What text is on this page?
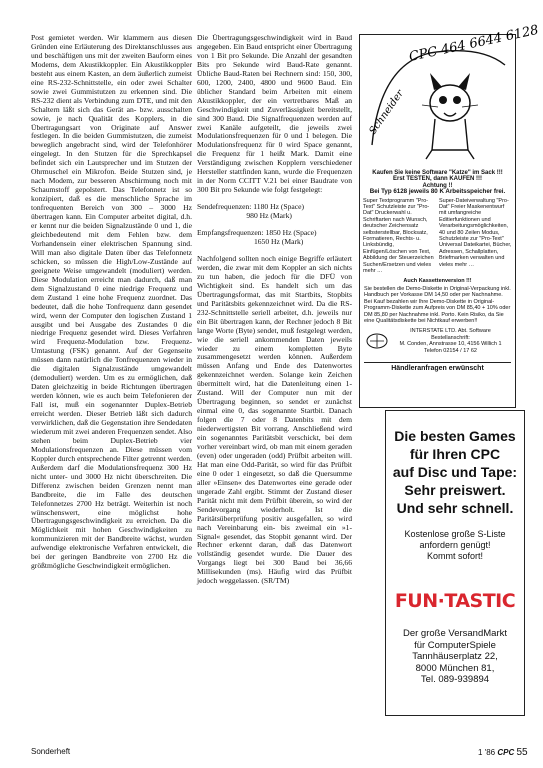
Post gemietet werden. Wir klammern aus diesen Gründen eine Erläuterung des Direktanschlusses aus und beschäftigen uns mit der zweiten Bauform eines Modems, dem Akustikkoppler. Ein Akustikkoppler besteht aus einem Kasten, an dem äußerlich zumeist eine RS-232-Schnittstelle, ein oder zwei Schalter sowie zwei Gummistutzen zu erkennen sind. Die RS-232 dient als Verbindung zum DTE, und mit den Schaltern läßt sich das Gerät an- bzw. ausschalten sowie, je nach Qualität des Kopplers, in die Übertragungsart von Originate auf Answer festlegen. In die beiden Gummistutzen, die zumeist beweglich angebracht sind, wird der Telefonhörer eingelegt. In den Stutzen für die Sprechkapsel befindet sich ein Lautsprecher und im Stutzen der Ohrmuschel ein Mikrofon. Beide Stutzen sind, je nach Modem, zur besseren Abschirmung noch mit Schaumstoff gepolstert. Das Telefonnetz ist so konzipiert, daß es die menschliche Sprache im tonfrequenten Bereich von 300 – 3000 Hz übertragen kann. Ein Computer arbeitet digital, d.h. er kennt nur die beiden Signalzustände 0 und 1, die gleichbedeutend mit dem Fehlen bzw. dem Vorhandensein einer elektrischen Spannung sind. Will man also digitale Daten über das Telefonnetz schicken, so müssen die High/Low-Zustände auf geeignete Weise umgewandelt (moduliert) werden. Diese Modulation erreicht man dadurch, daß man dem Signalzustand 0 eine niedrige Frequenz und dem Zustand 1 eine hohe Frequenz zuordnet. Das bedeutet, daß die hohe Tonfrequenz dann gesendet wird, wenn der Computer den logischen Zustand 1 ausgibt und bei Ausgabe des Zustandes 0 die niedrige Frequenz gesendet wird. Dieses Verfahren wird Frequenz-Modulation bzw. Frequenz-Umtastung (FSK) genannt. Auf der Gegenseite müssen dann natürlich die Tonfrequenzen wieder in die digitalen Signalzustände umgewandelt (demoduliert) werden. Um es zu ermöglichen, daß Daten gleichzeitig in beide Richtungen übertragen werden können, wie es auch beim Telefonieren der Fall ist, muß ein sogenannter Duplex-Betrieb erreicht werden. Dieser Betrieb läßt sich dadurch verwirklichen, daß die Gegenstation ihre Sendedaten wiederum mit zwei anderen Frequenzen sendet. Also stehen beim Duplex-Betrieb vier Modulationsfrequenzen an. Diese müssen vom Koppler durch entsprechende Filter getrennt werden. Außerdem darf die Modulationsfrequenz 300 Hz nicht unter- und 3000 Hz nicht überschreiten. Die Differenz zwischen beiden Grenzen nennt man Bandbreite, die im Falle des deutschen Telefonnetzes 2700 Hz beträgt. Weiterhin ist noch wünschenswert, eine möglichst hohe Übertragungsgeschwindigkeit zu erreichen. Da die Möglichkeit mit hohen Geschwindigkeiten zu kommunizieren mit der Bandbreite wächst, wurden aufwendige elektronische Verfahren entwickelt, die bei der geringen Bandbreite von 2700 Hz die größtmögliche Geschwindigkeit ermöglichen.

Die Übertragungsgeschwindigkeit wird in Baud angegeben. Ein Baud entspricht einer Übertragung von 1 Bit pro Sekunde. Die Anzahl der gesandten Bits pro Sekunde wird Baud-Rate genannt. Übliche Baud-Raten bei Rechnern sind: 150, 300, 600, 1200, 2400, 4800 und 9600 Baud. Ein üblicher Standard beim Arbeiten mit einem Akustikkoppler, der ein vertretbares Maß an Geschwindigkeit und Zuverlässigkeit bereitstellt, sind 300 Baud. Die Signalfrequenzen werden auf zwei Kanäle aufgeteilt, die jeweils zwei Modulationsfrequenzen für 0 und 1 belegen. Die Modulationsfrequenz für 0 wird Space genannt, die Frequenz für 1 heißt Mark. Damit eine Verständigung zwischen Kopplern verschiedener Hersteller stattfinden kann, wurde die Frequenzen in der Norm CCITT V.21 bei einer Baudrate von 300 Bit pro Sekunde wie folgt festgelegt:

Sendefrequenzen: 1180 Hz (Space)
980 Hz (Mark)
Empfangsfrequenzen: 1850 Hz (Space)
1650 Hz (Mark)

Nachfolgend sollten noch einige Begriffe erläutert werden, die zwar mit dem Koppler an sich nichts zu tun haben, die jedoch für die DFÜ von Wichtigkeit sind. Es handelt sich um das Übertragungsformat, das mit Startbits, Stopbits und Paritätsbits gekennzeichnet wird. Da die RS-232-Schnittstelle seriell arbeitet, d.h. jeweils nur ein Bit übertragen kann, der Rechner jedoch 8 Bit lange Worte (Byte) sendet, muß festgelegt werden, wie die seriell ankommenden Daten jeweils wieder zu einem kompletten Byte zusammengesetzt werden können. Außerdem müssen Anfang und Ende des Datenwortes gekennzeichnet werden. Solange kein Zeichen übermittelt wird, hat die Datenleitung einen 1-Zustand. Will der Computer nun mit der Übertragung beginnen, so sendet er zunächst einmal eine 0, das sogenannte Startbit. Danach folgen die 7 oder 8 Datenbits mit dem niederwertigsten Bit vorrang. Anschließend wird ein sogenanntes Paritätsbit verschickt, bei dem vorher vereinbart wird, ob man mit einem geraden (even) oder ungeraden (odd) Prüfbit arbeiten will. Hat man eine Odd-Parität, so wird für das Prüfbit eine 0 oder 1 eingesetzt, so daß die Quersumme aller »Einsen« des Datenwortes eine gerade oder ungerade Zahl ergibt. Stimmt der Zustand dieser Parität nicht mit dem Prüfbit überein, so wird der Sendevorgang wiederholt. Ist die Paritätsüberprüfung positiv ausgefallen, so wird nach Vereinbarung ein- bis zweimal ein »1-Signal« gesendet, das Stopbit genannt wird. Der Rechner erkennt daran, daß das Datenwort vollständig gesendet wurde. Die Dauer des Vorgangs liegt bei 300 Baud bei 36,66 Millisekunden (ms). Häufig wird das Prüfbit jedoch weggelassen. (SR/TM)

Schneider
CPC 464 6644 6128
Kaufen Sie keine Software "Katze" im Sack !!!
Erst TESTEN, dann KAUFEN !!!
Achtung !!
Bei Typ 6128 jeweils 80 K Arbeitsspeicher frei.
Super Textprogramm "Pro-Text" Schutzleiste zur "Pro-Dat" Druckerwahl u. Schriftarten nach Wunsch, deutscher Zeichensatz selbsterstellbar, Blocksatz, Formatieren, Rechts- u. Linksbündig, Einfügen/Löschen von Text, Abbildung der Steuerzeichen Suchen/Ersetzen und vieles mehr …
Super-Dateiverwaltung "Pro-Dat" Freier Maskenentwurf mit umfangreiche Editierfunktionen und Verarbeitungsmöglichkeiten, 40 und 80 Zeilen Modus, Schutzleiste zur "Pro-Text" Universal Dateikartei, Bücher, Adressen, Schallplatten, Briefmarken verwalten und vieles mehr …
Auch Kassettenversion !!!
Sie bestellen die Demo-Diskette in Original-Verpackung inkl. Handbuch per Vorkasse DM 14,50 oder per Nachnahme. Bei Kauf bezahlen wir Ihre Demo-Diskette in Original-Programm-Diskette zum Aufpreis von DM 85,40 + 10% oder DM 85,80 per Nachnahme inkl. Porto. Kein Risiko, da Sie eine Qualitätsdiskette bei Nichtkauf erwerben!!
INTERSTATE LTD. Abt. Software
Bestellanschrift:
M. Conden, Annstrasse 10, 4156 Willich 1
Telefon 02154 / 17 62
Händleranfragen erwünscht
Die besten Games
für Ihren CPC
auf Disc und Tape:
Sehr preiswert.
Und sehr schnell.
Kostenlose große S-Liste
anfordern genügt!
Kommt sofort!
FUN·TASTIC
Der große VersandMarkt
für ComputerSpiele
Tannhäuserplatz 22,
8000 München 81,
Tel. 089-939894
Sonderheft	1 '86 CPC 55
